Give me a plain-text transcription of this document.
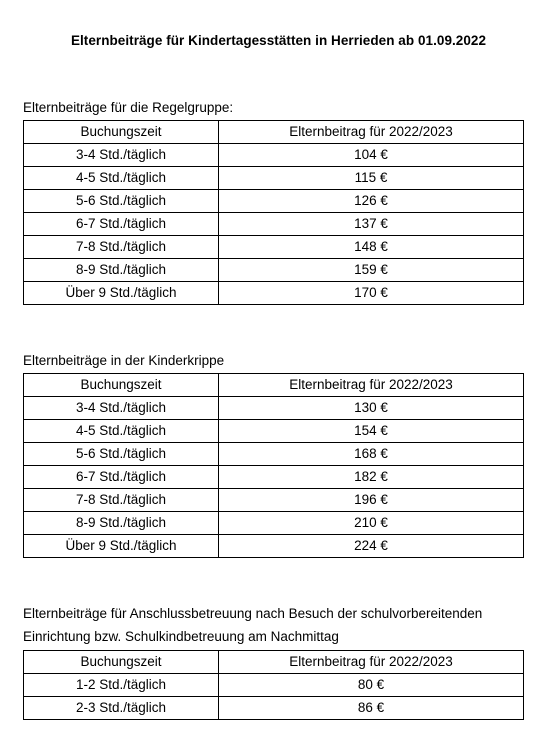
Elternbeiträge für Kindertagesstätten in Herrieden ab 01.09.2022
Elternbeiträge für die Regelgruppe:
Buchungszeit	Elternbeitrag für 2022/2023
3-4 Std./täglich	104 €
4-5 Std./täglich	115 €
5-6 Std./täglich	126 €
6-7 Std./täglich	137 €
7-8 Std./täglich	148 €
8-9 Std./täglich	159 €
Über 9 Std./täglich	170 €
Elternbeiträge in der Kinderkrippe
Buchungszeit	Elternbeitrag für 2022/2023
3-4 Std./täglich	130 €
4-5 Std./täglich	154 €
5-6 Std./täglich	168 €
6-7 Std./täglich	182 €
7-8 Std./täglich	196 €
8-9 Std./täglich	210 €
Über 9 Std./täglich	224 €
Elternbeiträge für Anschlussbetreuung nach Besuch der schulvorbereitenden
Einrichtung bzw. Schulkindbetreuung am Nachmittag
Buchungszeit	Elternbeitrag für 2022/2023
1-2 Std./täglich	80 €
2-3 Std./täglich	86 €
